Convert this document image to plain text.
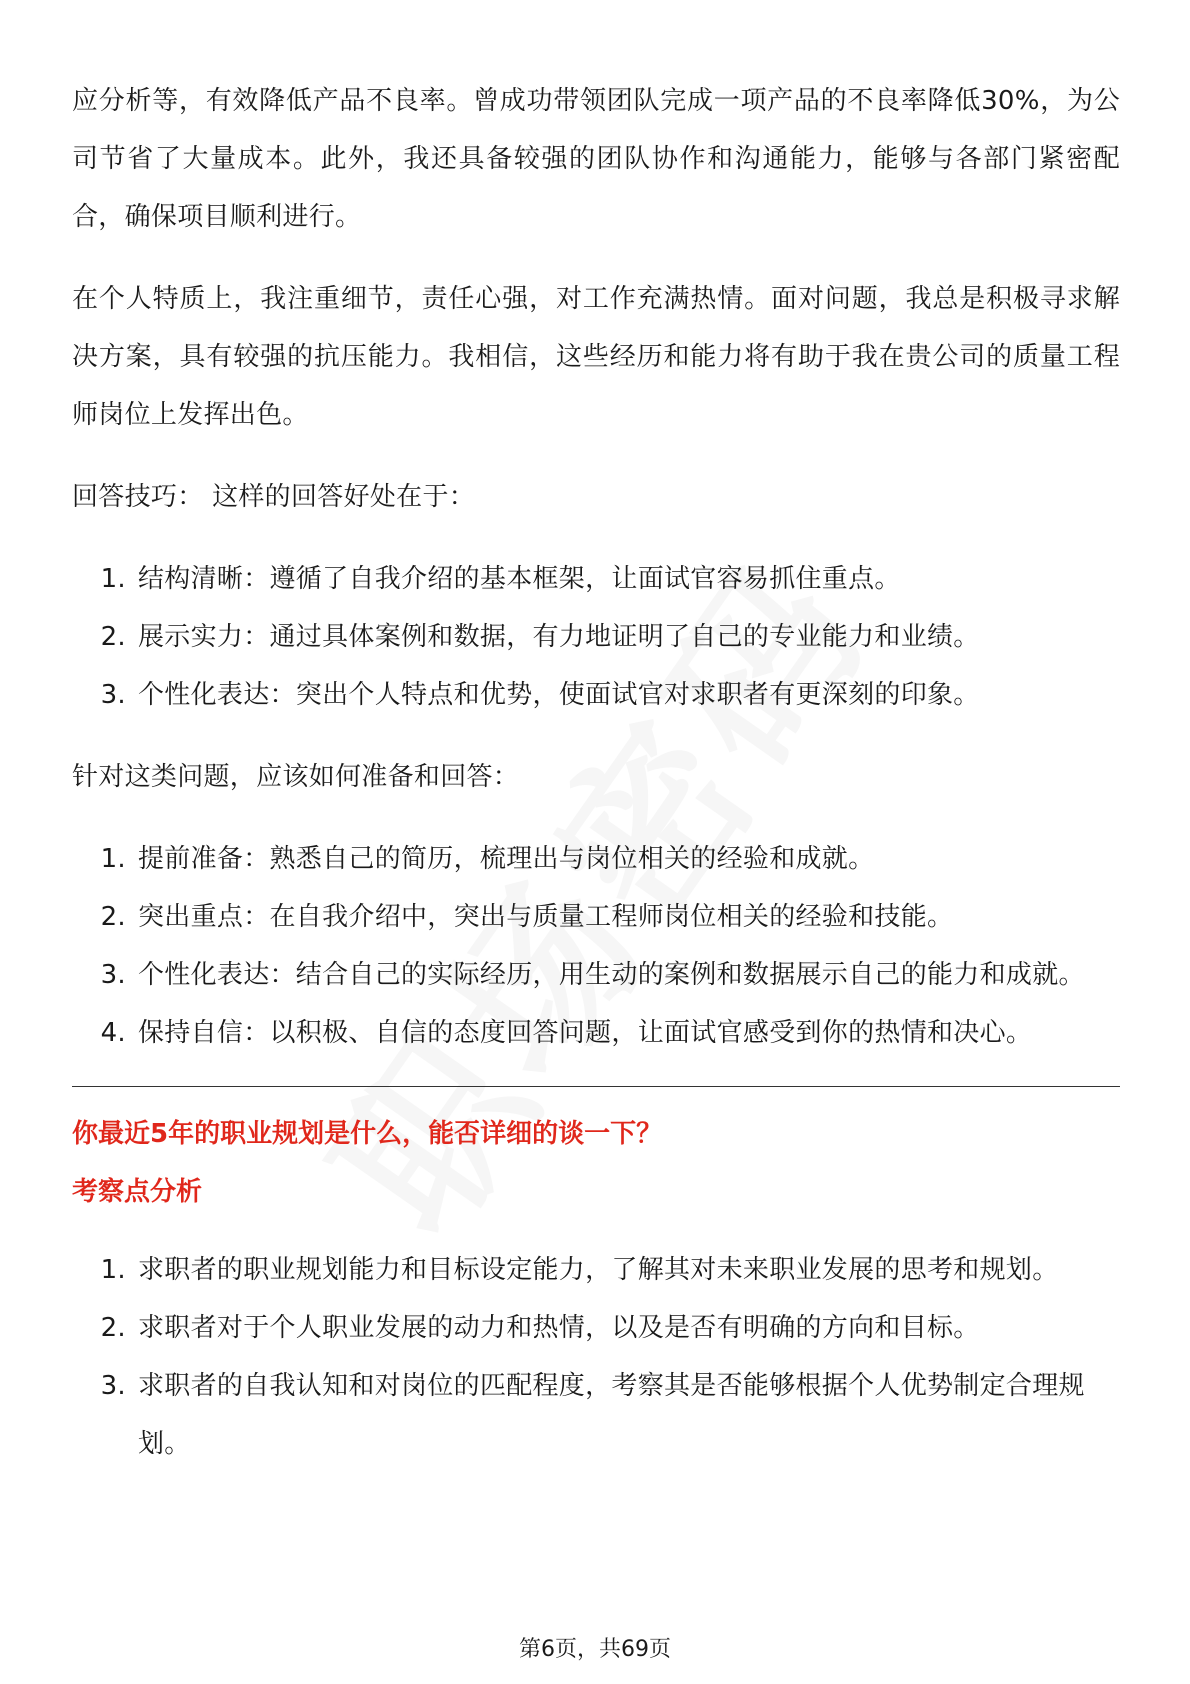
应分析等，有效降低产品不良率。曾成功带领团队完成一项产品的不良率降低30%，为公司节省了大量成本。此外，我还具备较强的团队协作和沟通能力，能够与各部门紧密配合，确保项目顺利进行。

在个人特质上，我注重细节，责任心强，对工作充满热情。面对问题，我总是积极寻求解决方案，具有较强的抗压能力。我相信，这些经历和能力将有助于我在贵公司的质量工程师岗位上发挥出色。

回答技巧： 这样的回答好处在于：

1. 结构清晰：遵循了自我介绍的基本框架，让面试官容易抓住重点。
2. 展示实力：通过具体案例和数据，有力地证明了自己的专业能力和业绩。
3. 个性化表达：突出个人特点和优势，使面试官对求职者有更深刻的印象。

针对这类问题，应该如何准备和回答：

1. 提前准备：熟悉自己的简历，梳理出与岗位相关的经验和成就。
2. 突出重点：在自我介绍中，突出与质量工程师岗位相关的经验和技能。
3. 个性化表达：结合自己的实际经历，用生动的案例和数据展示自己的能力和成就。
4. 保持自信：以积极、自信的态度回答问题，让面试官感受到你的热情和决心。

你最近5年的职业规划是什么，能否详细的谈一下？

考察点分析

1. 求职者的职业规划能力和目标设定能力，了解其对未来职业发展的思考和规划。
2. 求职者对于个人职业发展的动力和热情，以及是否有明确的方向和目标。
3. 求职者的自我认知和对岗位的匹配程度，考察其是否能够根据个人优势制定合理规划。
第6页，共69页
